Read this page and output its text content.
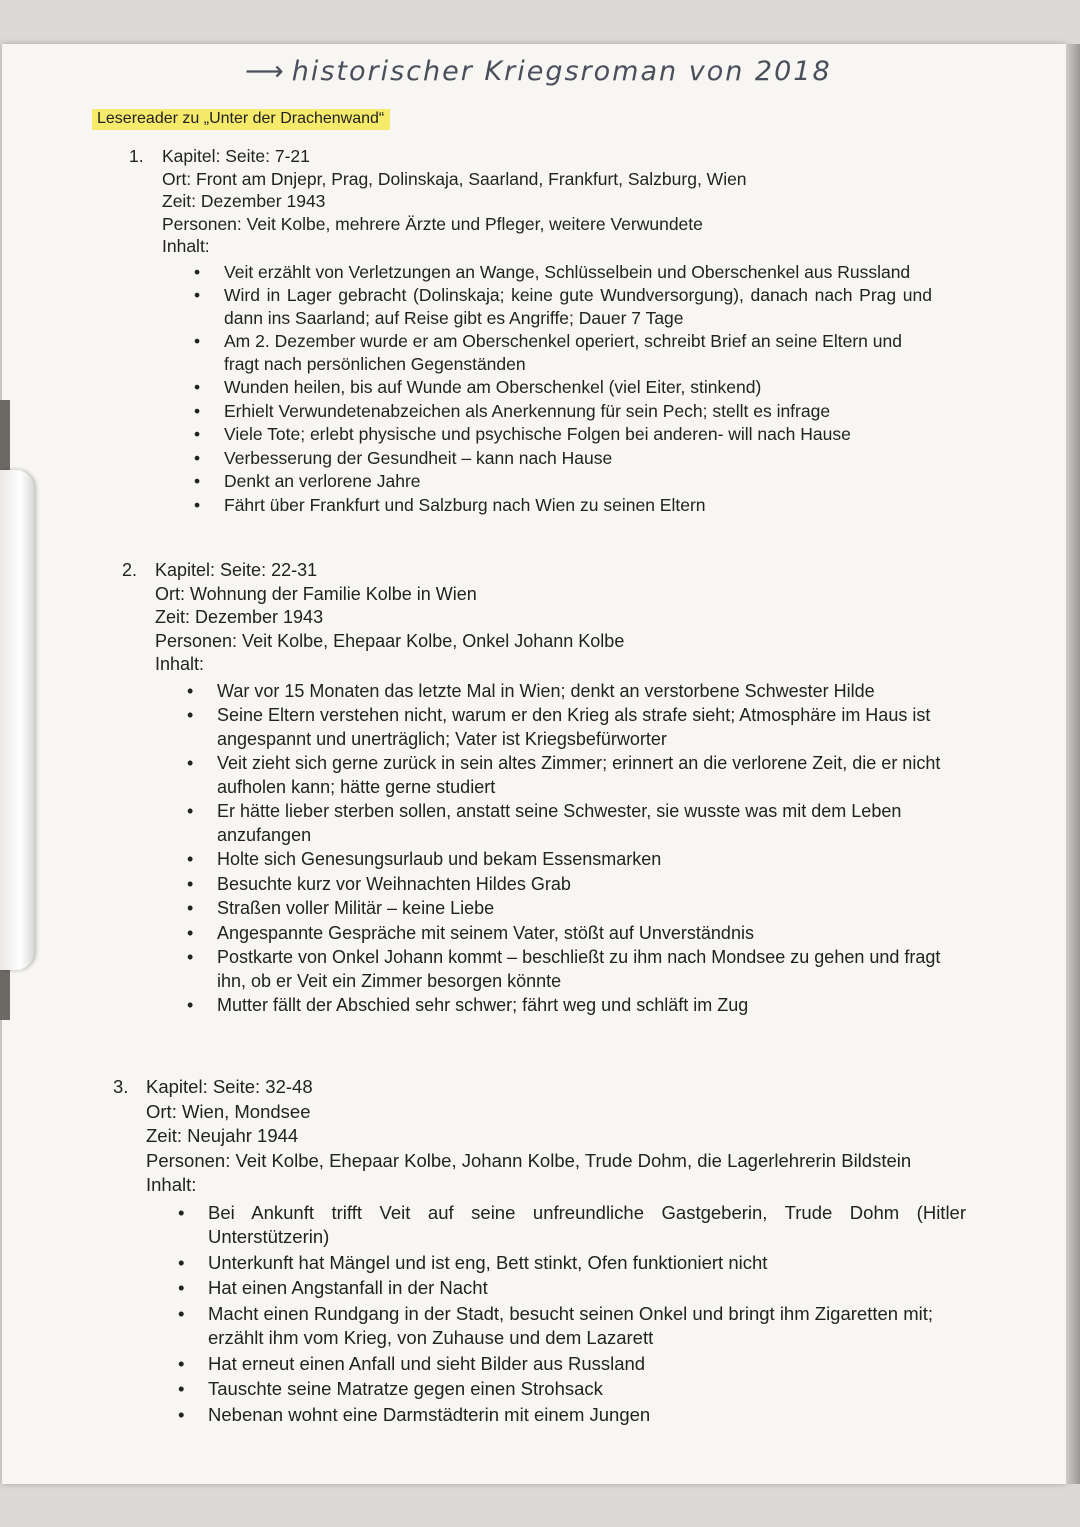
⟶ historischer Kriegsroman von 2018
Lesereader zu „Unter der Drachenwand“
1. Kapitel: Seite: 7-21
Ort: Front am Dnjepr, Prag, Dolinskaja, Saarland, Frankfurt, Salzburg, Wien
Zeit: Dezember 1943
Personen: Veit Kolbe, mehrere Ärzte und Pfleger, weitere Verwundete
Inhalt:
• Veit erzählt von Verletzungen an Wange, Schlüsselbein und Oberschenkel aus Russland
• Wird in Lager gebracht (Dolinskaja; keine gute Wundversorgung), danach nach Prag und dann ins Saarland; auf Reise gibt es Angriffe; Dauer 7 Tage
• Am 2. Dezember wurde er am Oberschenkel operiert, schreibt Brief an seine Eltern und fragt nach persönlichen Gegenständen
• Wunden heilen, bis auf Wunde am Oberschenkel (viel Eiter, stinkend)
• Erhielt Verwundetenabzeichen als Anerkennung für sein Pech; stellt es infrage
• Viele Tote; erlebt physische und psychische Folgen bei anderen- will nach Hause
• Verbesserung der Gesundheit – kann nach Hause
• Denkt an verlorene Jahre
• Fährt über Frankfurt und Salzburg nach Wien zu seinen Eltern
2. Kapitel: Seite: 22-31
Ort: Wohnung der Familie Kolbe in Wien
Zeit: Dezember 1943
Personen: Veit Kolbe, Ehepaar Kolbe, Onkel Johann Kolbe
Inhalt:
• War vor 15 Monaten das letzte Mal in Wien; denkt an verstorbene Schwester Hilde
• Seine Eltern verstehen nicht, warum er den Krieg als strafe sieht; Atmosphäre im Haus ist angespannt und unerträglich; Vater ist Kriegsbefürworter
• Veit zieht sich gerne zurück in sein altes Zimmer; erinnert an die verlorene Zeit, die er nicht aufholen kann; hätte gerne studiert
• Er hätte lieber sterben sollen, anstatt seine Schwester, sie wusste was mit dem Leben anzufangen
• Holte sich Genesungsurlaub und bekam Essensmarken
• Besuchte kurz vor Weihnachten Hildes Grab
• Straßen voller Militär – keine Liebe
• Angespannte Gespräche mit seinem Vater, stößt auf Unverständnis
• Postkarte von Onkel Johann kommt – beschließt zu ihm nach Mondsee zu gehen und fragt ihn, ob er Veit ein Zimmer besorgen könnte
• Mutter fällt der Abschied sehr schwer; fährt weg und schläft im Zug
3. Kapitel: Seite: 32-48
Ort: Wien, Mondsee
Zeit: Neujahr 1944
Personen: Veit Kolbe, Ehepaar Kolbe, Johann Kolbe, Trude Dohm, die Lagerlehrerin Bildstein
Inhalt:
• Bei Ankunft trifft Veit auf seine unfreundliche Gastgeberin, Trude Dohm (Hitler Unterstützerin)
• Unterkunft hat Mängel und ist eng, Bett stinkt, Ofen funktioniert nicht
• Hat einen Angstanfall in der Nacht
• Macht einen Rundgang in der Stadt, besucht seinen Onkel und bringt ihm Zigaretten mit; erzählt ihm vom Krieg, von Zuhause und dem Lazarett
• Hat erneut einen Anfall und sieht Bilder aus Russland
• Tauschte seine Matratze gegen einen Strohsack
• Nebenan wohnt eine Darmstädterin mit einem Jungen
